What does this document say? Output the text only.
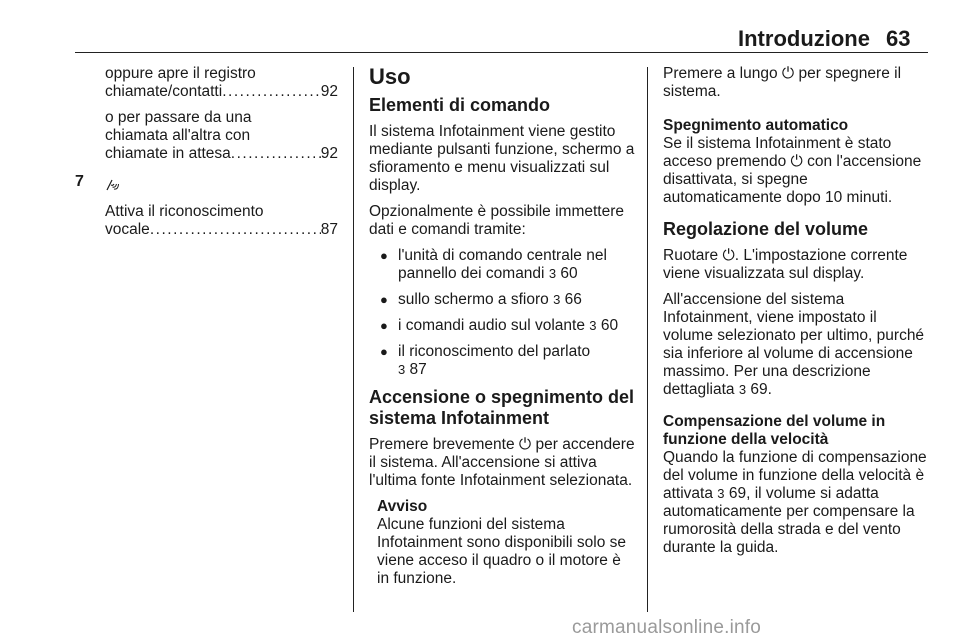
Introduzione 63
oppure apre il registro
chiamate/contatti . . .	92
o per passare da una
chiamata all'altra con
chiamate in attesa . . .	92
Attiva il riconoscimento
vocale . . .	87
7
Uso
Elementi di comando

Il sistema Infotainment viene gestito mediante pulsanti funzione, schermo a sfioramento e menu visualizzati sul display.

Opzionalmente è possibile immettere dati e comandi tramite:

● l'unità di comando centrale nel pannello dei comandi 3 60
● sullo schermo a sfioro 3 66
● i comandi audio sul volante 3 60
● il riconoscimento del parlato
3 87
Accensione o spegnimento del
sistema Infotainment

Premere brevemente ⏻ per accendere il sistema. All'accensione si attiva l'ultima fonte Infotainment selezionata.

Avviso
Alcune funzioni del sistema Infotainment sono disponibili solo se viene acceso il quadro o il motore è in funzione.

Premere a lungo ⏻ per spegnere il sistema.

Spegnimento automatico

Se il sistema Infotainment è stato acceso premendo ⏻ con l'accensione disattivata, si spegne automaticamente dopo 10 minuti.

Regolazione del volume

Ruotare ⏻. L'impostazione corrente viene visualizzata sul display.

All'accensione del sistema Infotainment, viene impostato il volume selezionato per ultimo, purché sia inferiore al volume di accensione massimo. Per una descrizione dettagliata 3 69.

Compensazione del volume in
funzione della velocità

Quando la funzione di compensazione del volume in funzione della velocità è attivata 3 69, il volume si adatta automaticamente per compensare la rumorosità della strada e del vento durante la guida.

carmanualsonline.info
